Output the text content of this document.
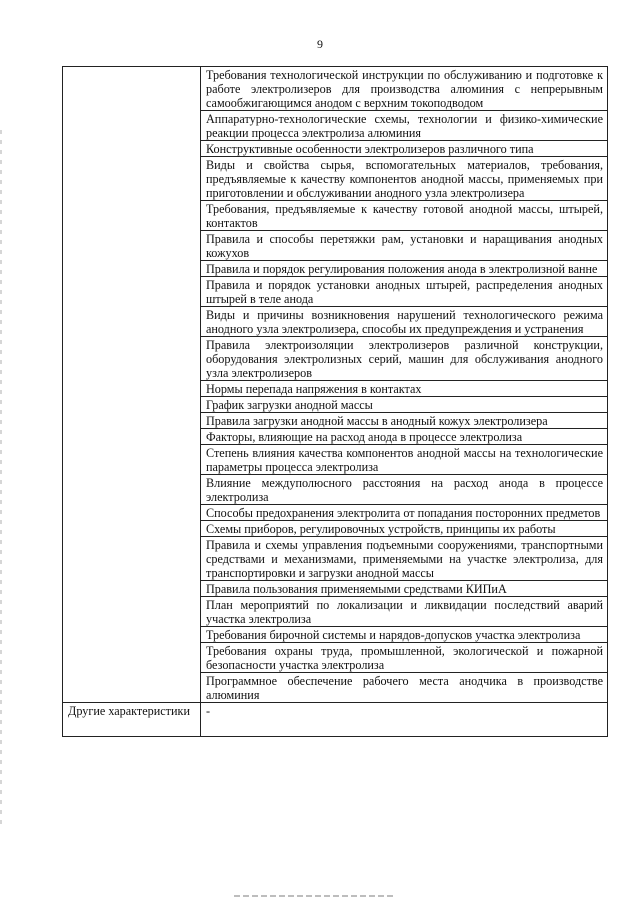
9

	Требования технологической инструкции по обслуживанию и подготовке к работе электролизеров для производства алюминия с непрерывным самообжигающимся анодом с верхним токоподводом

	Аппаратурно-технологические схемы, технологии и физико-химические реакции процесса электролиза алюминия

	Конструктивные особенности электролизеров различного типа

	Виды и свойства сырья, вспомогательных материалов, требования, предъявляемые к качеству компонентов анодной массы, применяемых при приготовлении и обслуживании анодного узла электролизера

	Требования, предъявляемые к качеству готовой анодной массы, штырей, контактов

	Правила и способы перетяжки рам, установки и наращивания анодных кожухов

	Правила и порядок регулирования положения анода в электролизной ванне

	Правила и порядок установки анодных штырей, распределения анодных штырей в теле анода

	Виды и причины возникновения нарушений технологического режима анодного узла электролизера, способы их предупреждения и устранения

	Правила электроизоляции электролизеров различной конструкции, оборудования электролизных серий, машин для обслуживания анодного узла электролизеров

	Нормы перепада напряжения в контактах

	График загрузки анодной массы

	Правила загрузки анодной массы в анодный кожух электролизера

	Факторы, влияющие на расход анода в процессе электролиза

	Степень влияния качества компонентов анодной массы на технологические параметры процесса электролиза

	Влияние междуполюсного расстояния на расход анода в процессе электролиза

	Способы предохранения электролита от попадания посторонних предметов

	Схемы приборов, регулировочных устройств, принципы их работы

	Правила и схемы управления подъемными сооружениями, транспортными средствами и механизмами, применяемыми на участке электролиза, для транспортировки и загрузки анодной массы

	Правила пользования применяемыми средствами КИПиА

	План мероприятий по локализации и ликвидации последствий аварий участка электролиза

	Требования бирочной системы и нарядов-допусков участка электролиза

	Требования охраны труда, промышленной, экологической и пожарной безопасности участка электролиза

	Программное обеспечение рабочего места анодчика в производстве алюминия

Другие характеристики	-
